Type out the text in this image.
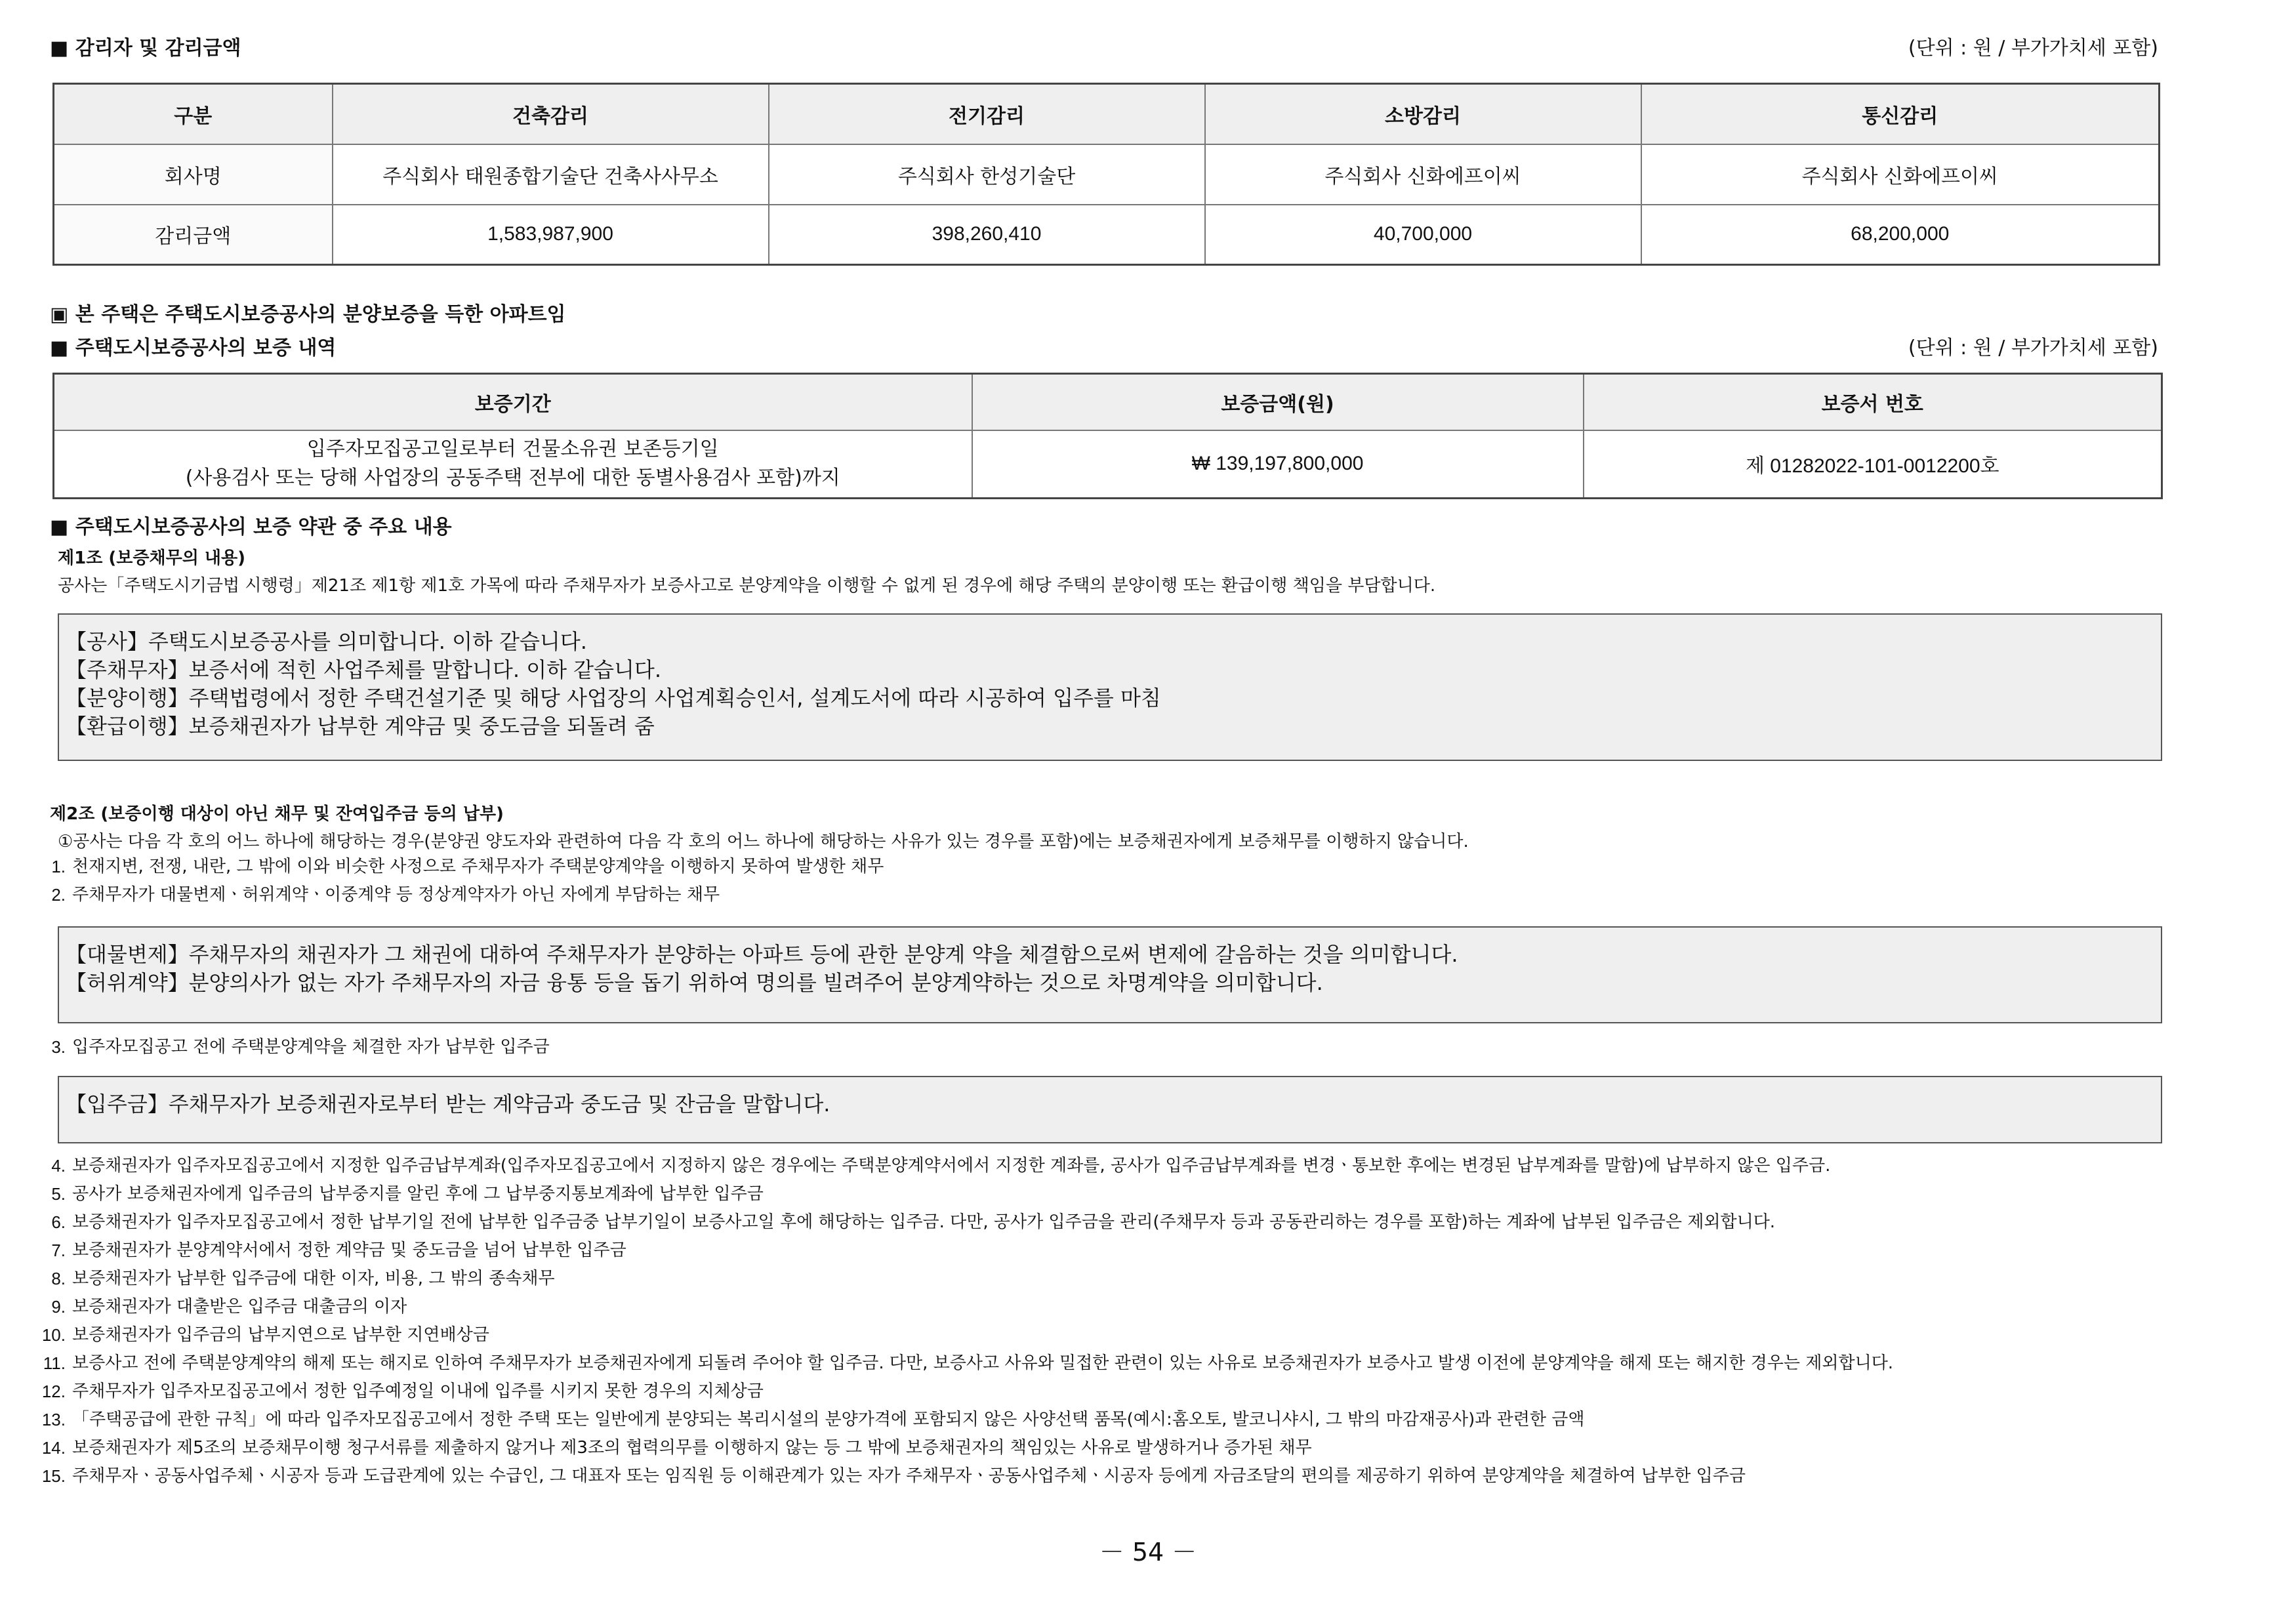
■ 감리자 및 감리금액	(단위 : 원 / 부가가치세 포함)
구분	건축감리	전기감리	소방감리	통신감리
회사명	주식회사 태원종합기술단 건축사사무소	주식회사 한성기술단	주식회사 신화에프이씨	주식회사 신화에프이씨
감리금액	1,583,987,900	398,260,410	40,700,000	68,200,000
▣ 본 주택은 주택도시보증공사의 분양보증을 득한 아파트임
■ 주택도시보증공사의 보증 내역	(단위 : 원 / 부가가치세 포함)
보증기간	보증금액(원)	보증서 번호

입주자모집공고일로부터 건물소유권 보존등기일
(사용검사 또는 당해 사업장의 공동주택 전부에 대한 동별사용검사 포함)까지	₩ 139,197,800,000	제 01282022-101-0012200호
■ 주택도시보증공사의 보증 약관 중 주요 내용
제1조 (보증채무의 내용)
공사는「주택도시기금법 시행령」제21조 제1항 제1호 가목에 따라 주채무자가 보증사고로 분양계약을 이행할 수 없게 된 경우에 해당 주택의 분양이행 또는 환급이행 책임을 부담합니다.
【공사】주택도시보증공사를 의미합니다. 이하 같습니다.
【주채무자】보증서에 적힌 사업주체를 말합니다. 이하 같습니다.
【분양이행】주택법령에서 정한 주택건설기준 및 해당 사업장의 사업계획승인서, 설계도서에 따라 시공하여 입주를 마침
【환급이행】보증채권자가 납부한 계약금 및 중도금을 되돌려 줌
제2조 (보증이행 대상이 아닌 채무 및 잔여입주금 등의 납부)
①공사는 다음 각 호의 어느 하나에 해당하는 경우(분양권 양도자와 관련하여 다음 각 호의 어느 하나에 해당하는 사유가 있는 경우를 포함)에는 보증채권자에게 보증채무를 이행하지 않습니다.
1. 천재지변, 전쟁, 내란, 그 밖에 이와 비슷한 사정으로 주채무자가 주택분양계약을 이행하지 못하여 발생한 채무
2. 주채무자가 대물변제ㆍ허위계약ㆍ이중계약 등 정상계약자가 아닌 자에게 부담하는 채무
【대물변제】주채무자의 채권자가 그 채권에 대하여 주채무자가 분양하는 아파트 등에 관한 분양계 약을 체결함으로써 변제에 갈음하는 것을 의미합니다.
【허위계약】분양의사가 없는 자가 주채무자의 자금 융통 등을 돕기 위하여 명의를 빌려주어 분양계약하는 것으로 차명계약을 의미합니다.
3. 입주자모집공고 전에 주택분양계약을 체결한 자가 납부한 입주금
【입주금】주채무자가 보증채권자로부터 받는 계약금과 중도금 및 잔금을 말합니다.
4. 보증채권자가 입주자모집공고에서 지정한 입주금납부계좌(입주자모집공고에서 지정하지 않은 경우에는 주택분양계약서에서 지정한 계좌를, 공사가 입주금납부계좌를 변경ㆍ통보한 후에는 변경된 납부계좌를 말함)에 납부하지 않은 입주금.
5. 공사가 보증채권자에게 입주금의 납부중지를 알린 후에 그 납부중지통보계좌에 납부한 입주금
6. 보증채권자가 입주자모집공고에서 정한 납부기일 전에 납부한 입주금중 납부기일이 보증사고일 후에 해당하는 입주금. 다만, 공사가 입주금을 관리(주채무자 등과 공동관리하는 경우를 포함)하는 계좌에 납부된 입주금은 제외합니다.
7. 보증채권자가 분양계약서에서 정한 계약금 및 중도금을 넘어 납부한 입주금
8. 보증채권자가 납부한 입주금에 대한 이자, 비용, 그 밖의 종속채무
9. 보증채권자가 대출받은 입주금 대출금의 이자
10. 보증채권자가 입주금의 납부지연으로 납부한 지연배상금
11. 보증사고 전에 주택분양계약의 해제 또는 해지로 인하여 주채무자가 보증채권자에게 되돌려 주어야 할 입주금. 다만, 보증사고 사유와 밀접한 관련이 있는 사유로 보증채권자가 보증사고 발생 이전에 분양계약을 해제 또는 해지한 경우는 제외합니다.
12. 주채무자가 입주자모집공고에서 정한 입주예정일 이내에 입주를 시키지 못한 경우의 지체상금
13. 「주택공급에 관한 규칙」에 따라 입주자모집공고에서 정한 주택 또는 일반에게 분양되는 복리시설의 분양가격에 포함되지 않은 사양선택 품목(예시:홈오토, 발코니샤시, 그 밖의 마감재공사)과 관련한 금액
14. 보증채권자가 제5조의 보증채무이행 청구서류를 제출하지 않거나 제3조의 협력의무를 이행하지 않는 등 그 밖에 보증채권자의 책임있는 사유로 발생하거나 증가된 채무
15. 주채무자ㆍ공동사업주체ㆍ시공자 등과 도급관계에 있는 수급인, 그 대표자 또는 임직원 등 이해관계가 있는 자가 주채무자ㆍ공동사업주체ㆍ시공자 등에게 자금조달의 편의를 제공하기 위하여 분양계약을 체결하여 납부한 입주금
－ 54 －
